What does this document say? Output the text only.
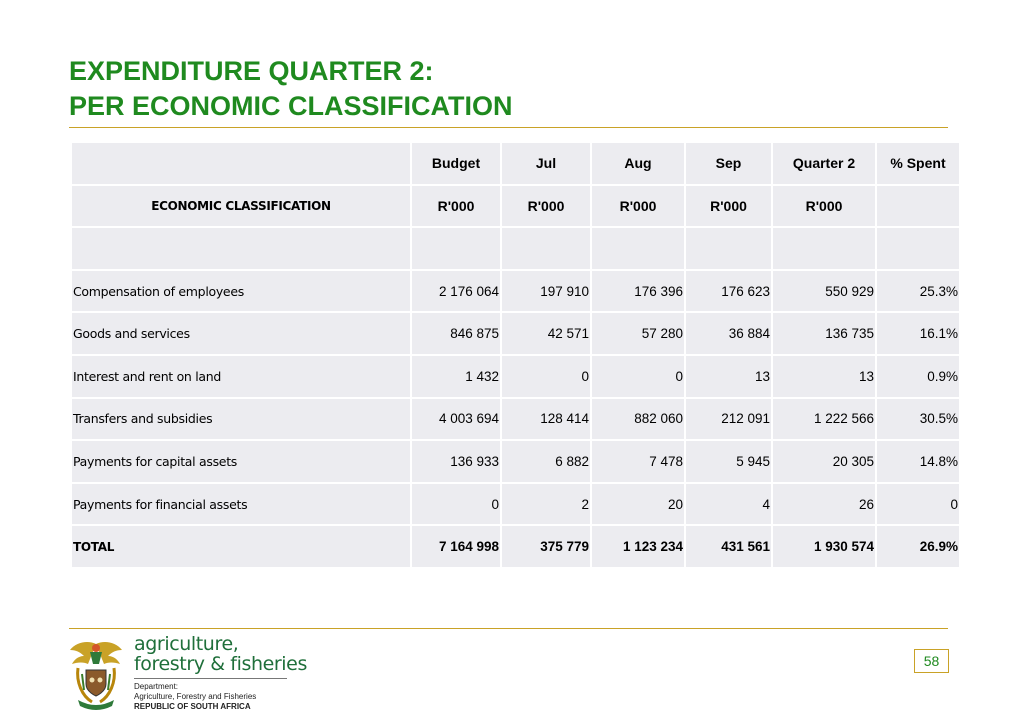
EXPENDITURE QUARTER 2:
PER ECONOMIC CLASSIFICATION
	Budget	Jul	Aug	Sep	Quarter 2	% Spent
ECONOMIC CLASSIFICATION	R'000	R'000	R'000	R'000	R'000	

Compensation of employees	2 176 064	197 910	176 396	176 623	550 929	25.3%
Goods and services	846 875	42 571	57 280	36 884	136 735	16.1%
Interest and rent on land	1 432	0	0	13	13	0.9%
Transfers and subsidies	4 003 694	128 414	882 060	212 091	1 222 566	30.5%
Payments for capital assets	136 933	6 882	7 478	5 945	20 305	14.8%
Payments for financial assets	0	2	20	4	26	0
TOTAL	7 164 998	375 779	1 123 234	431 561	1 930 574	26.9%
agriculture,
forestry & fisheries
Department:
Agriculture, Forestry and Fisheries
REPUBLIC OF SOUTH AFRICA
58
